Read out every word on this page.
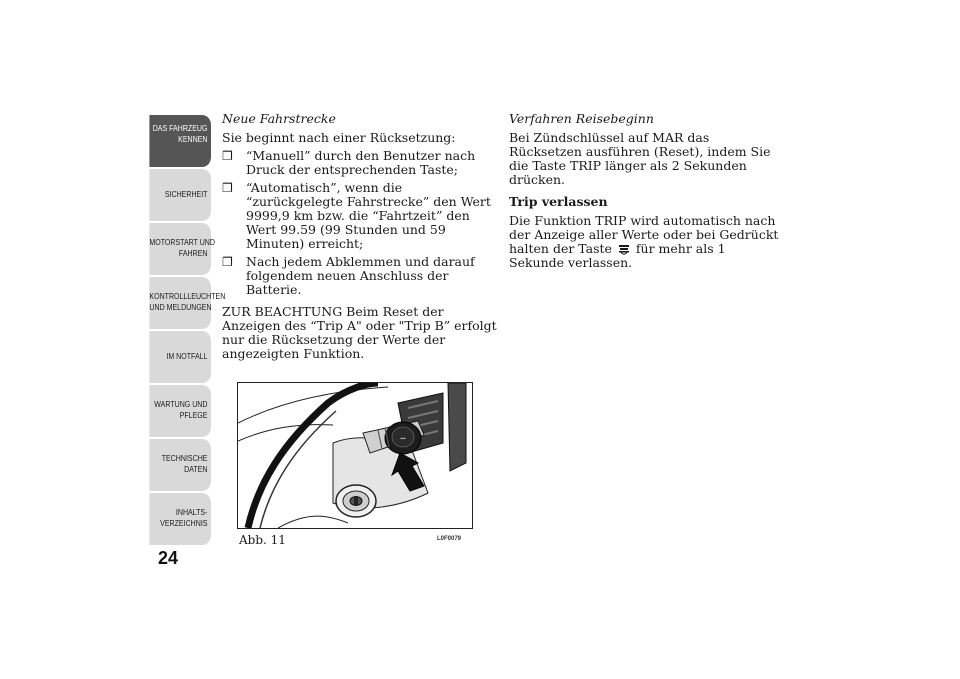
DAS FAHRZEUG
KENNEN
SICHERHEIT
MOTORSTART UND
FAHREN
KONTROLLLEUCHTEN
UND MELDUNGEN
IM NOTFALL
WARTUNG UND
PFLEGE
TECHNISCHE
DATEN
INHALTS-
VERZEICHNIS
24

Neue Fahrstrecke

Sie beginnt nach einer Rücksetzung:

❒ “Manuell” durch den Benutzer nach Druck der entsprechenden Taste;
❒ “Automatisch”, wenn die “zurückgelegte Fahrstrecke” den Wert 9999,9 km bzw. die “Fahrtzeit” den Wert 99.59 (99 Stunden und 59 Minuten) erreicht;
❒ Nach jedem Abklemmen und darauf folgendem neuen Anschluss der Batterie.

ZUR BEACHTUNG Beim Reset der Anzeigen des “Trip A" oder "Trip B” erfolgt nur die Rücksetzung der Werte der angezeigten Funktion.

Verfahren Reisebeginn

Bei Zündschlüssel auf MAR das Rücksetzen ausführen (Reset), indem Sie die Taste TRIP länger als 2 Sekunden drücken.

Trip verlassen

Die Funktion TRIP wird automatisch nach der Anzeige aller Werte oder bei Gedrückt halten der Taste für mehr als 1 Sekunde verlassen.

▪▪▪
Abb. 11	L0F0079
